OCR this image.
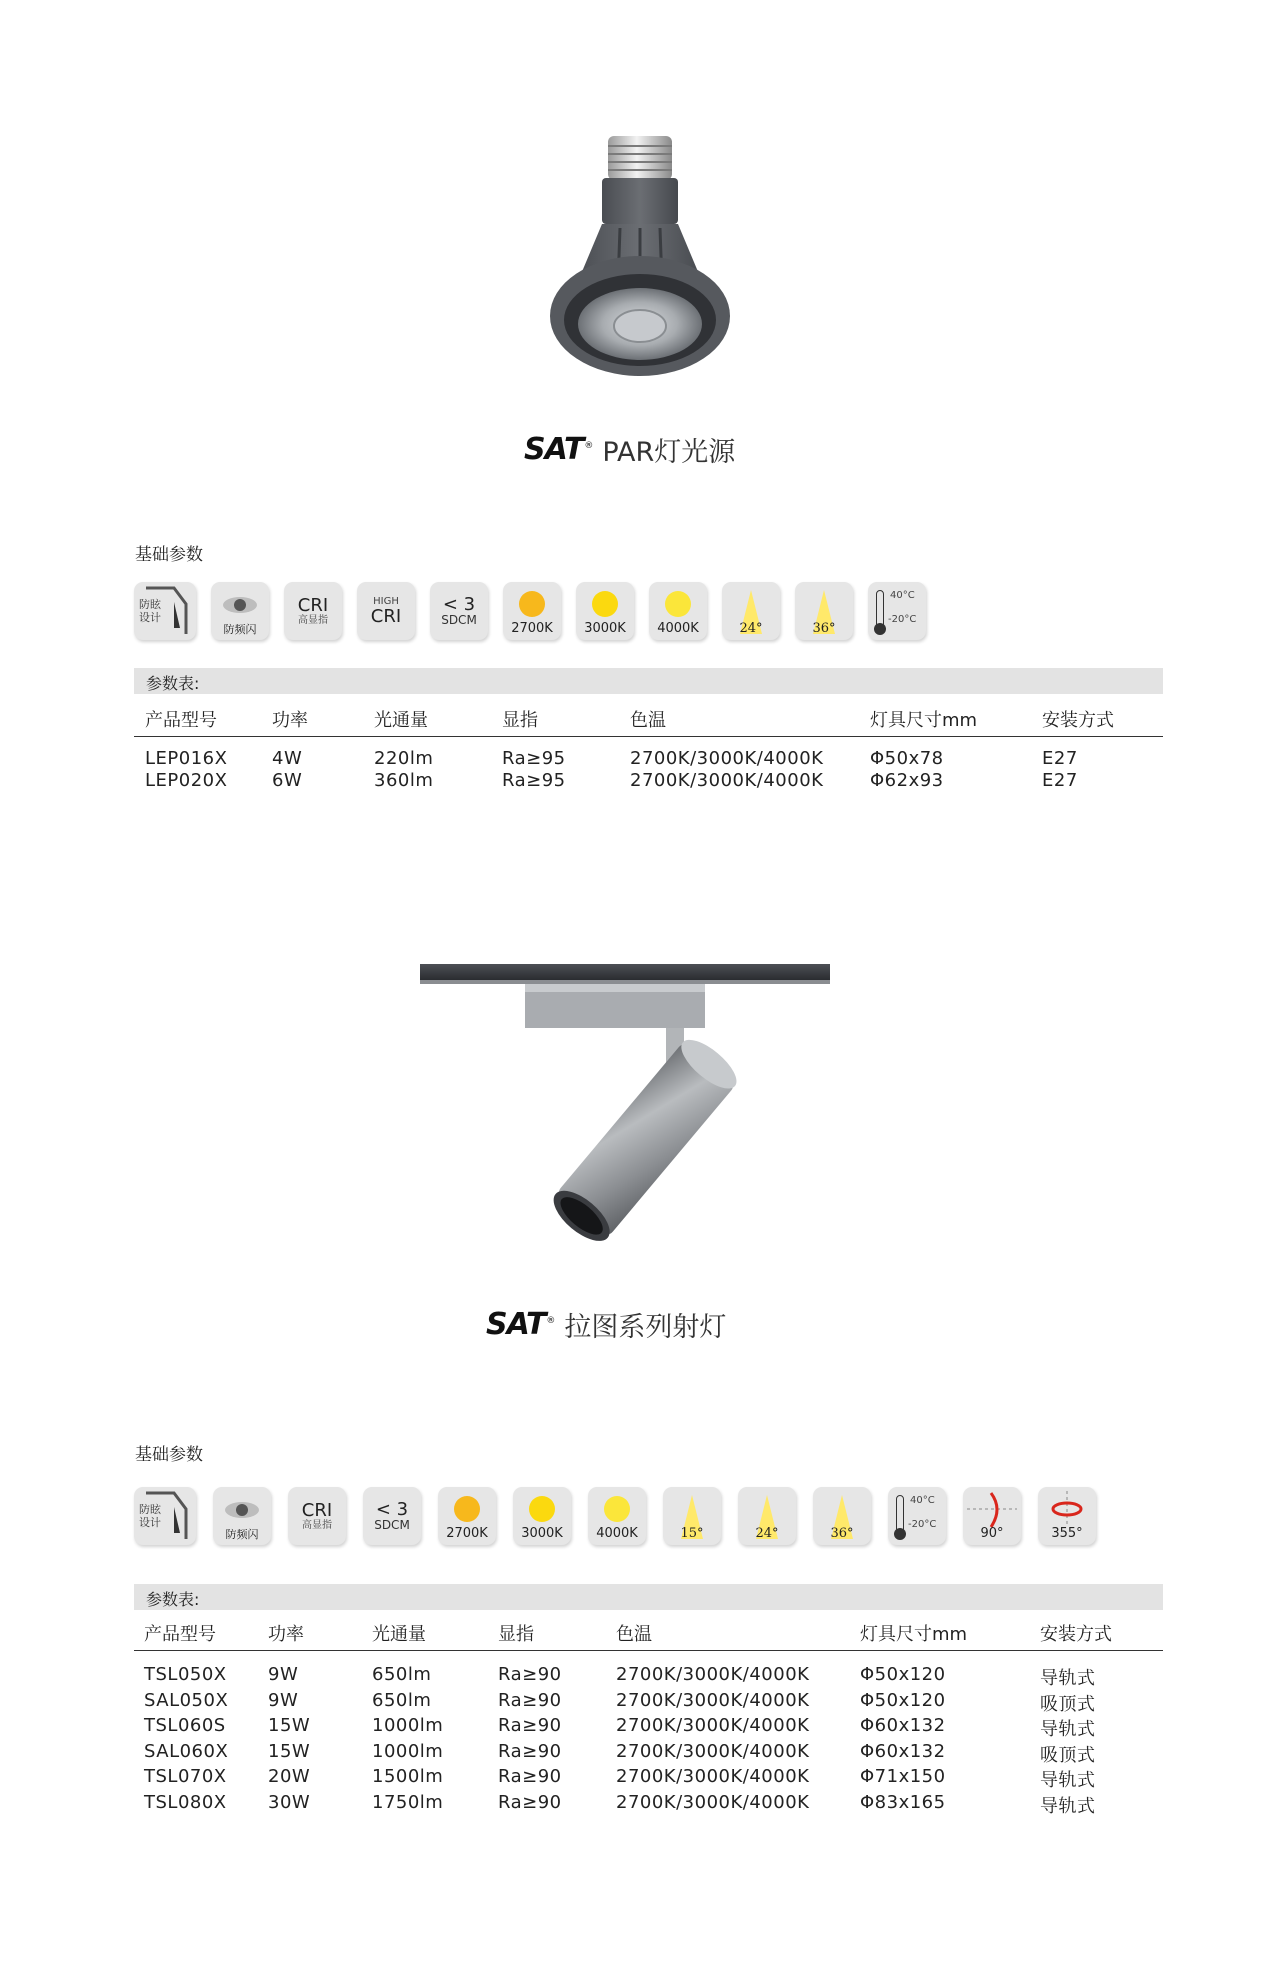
SAT® PAR灯光源
基础参数
防眩
设计
防频闪
CRI
高显指
HIGH
CRI
< 3
SDCM
2700K	3000K	4000K	24°	36°
40°C
-20°C
参数表:
产品型号	功率	光通量	显指	色温	灯具尺寸mm	安装方式
LEP016X 4W	220lm	Ra≥95	2700K/3000K/4000K	Φ50x78	E27
LEP020X 6W	360lm	Ra≥95	2700K/3000K/4000K	Φ62x93	E27
SAT® 拉图系列射灯
基础参数
防眩
设计
防频闪
CRI
高显指
< 3
SDCM
2700K	3000K	4000K	15°	24°	36°
40°C
-20°C
90°	355°
参数表:
产品型号	功率	光通量	显指	色温	灯具尺寸mm	安装方式
TSL050X 9W	650lm	Ra≥90	2700K/3000K/4000K	Φ50x120	导轨式
SAL050X 9W	650lm	Ra≥90	2700K/3000K/4000K	Φ50x120	吸顶式
TSL060S 15W	1000lm	Ra≥90	2700K/3000K/4000K	Φ60x132	导轨式
SAL060X 15W	1000lm	Ra≥90	2700K/3000K/4000K	Φ60x132	吸顶式
TSL070X 20W	1500lm	Ra≥90	2700K/3000K/4000K	Φ71x150	导轨式
TSL080X 30W	1750lm	Ra≥90	2700K/3000K/4000K	Φ83x165	导轨式
